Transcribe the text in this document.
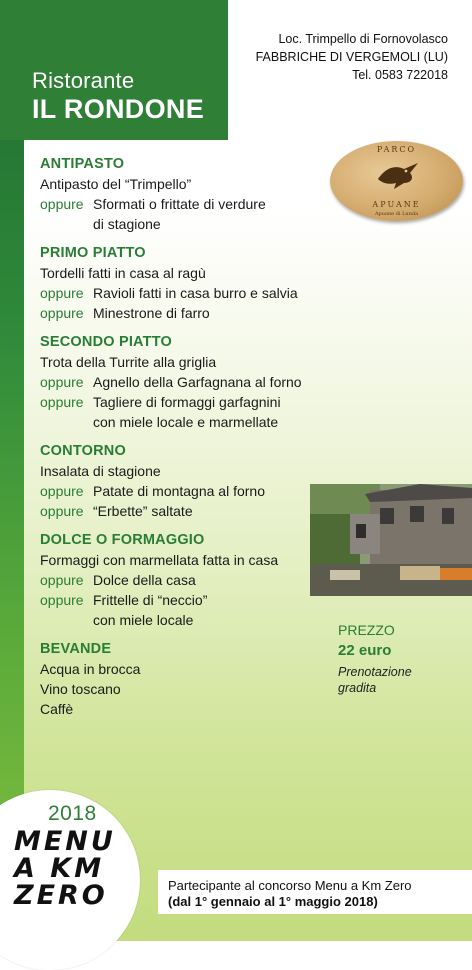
Ristorante
IL RONDONE
Loc. Trimpello di Fornovolasco
FABBRICHE DI VERGEMOLI (LU)
Tel. 0583 722018
PARCO
APUANE
Apuane di Lunda
ANTIPASTO
Antipasto del “Trimpello”
oppure Sformati o frittate di verdure
di stagione
PRIMO PIATTO
Tordelli fatti in casa al ragù
oppure Ravioli fatti in casa burro e salvia
oppure Minestrone di farro
SECONDO PIATTO
Trota della Turrite alla griglia
oppure Agnello della Garfagnana al forno
oppure Tagliere di formaggi garfagnini
con miele locale e marmellate
CONTORNO
Insalata di stagione
oppure Patate di montagna al forno
oppure “Erbette” saltate
DOLCE O FORMAGGIO
Formaggi con marmellata fatta in casa
oppure Dolce della casa
oppure Frittelle di “neccio”
con miele locale
BEVANDE
Acqua in brocca
Vino toscano
Caffè
PREZZO
22 euro
Prenotazione
gradita
2018
MENU
A KM
ZERO	Partecipante al concorso Menu a Km Zero
(dal 1° gennaio al 1° maggio 2018)
